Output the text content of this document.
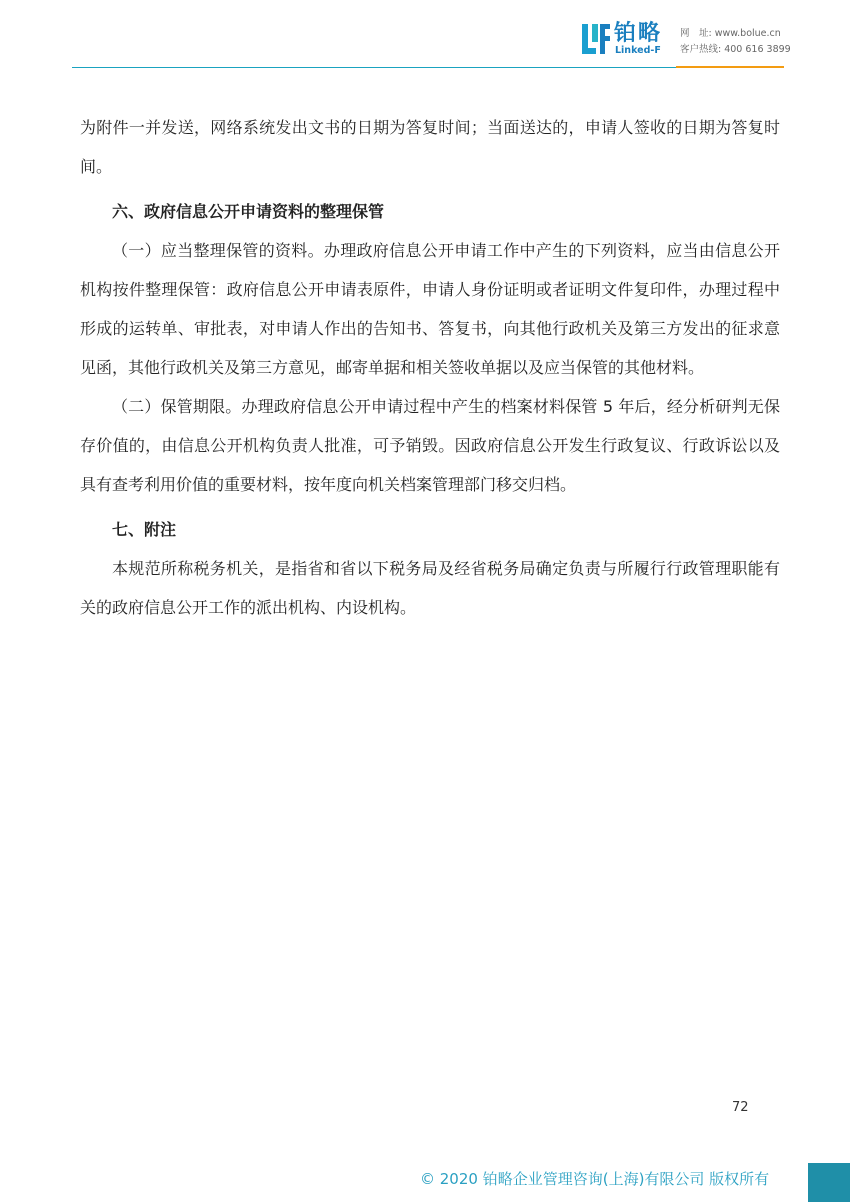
铂略
Linked-F
网　址: www.bolue.cn
客户热线: 400 616 3899

为附件一并发送，网络系统发出文书的日期为答复时间；当面送达的，申请人签收的日期为答复时间。

六、政府信息公开申请资料的整理保管

（一）应当整理保管的资料。办理政府信息公开申请工作中产生的下列资料，应当由信息公开机构按件整理保管：政府信息公开申请表原件，申请人身份证明或者证明文件复印件，办理过程中形成的运转单、审批表，对申请人作出的告知书、答复书，向其他行政机关及第三方发出的征求意见函，其他行政机关及第三方意见，邮寄单据和相关签收单据以及应当保管的其他材料。

（二）保管期限。办理政府信息公开申请过程中产生的档案材料保管 5 年后，经分析研判无保存价值的，由信息公开机构负责人批准，可予销毁。因政府信息公开发生行政复议、行政诉讼以及具有查考利用价值的重要材料，按年度向机关档案管理部门移交归档。

七、附注

本规范所称税务机关，是指省和省以下税务局及经省税务局确定负责与所履行行政管理职能有关的政府信息公开工作的派出机构、内设机构。

72
© 2020 铂略企业管理咨询(上海)有限公司 版权所有
